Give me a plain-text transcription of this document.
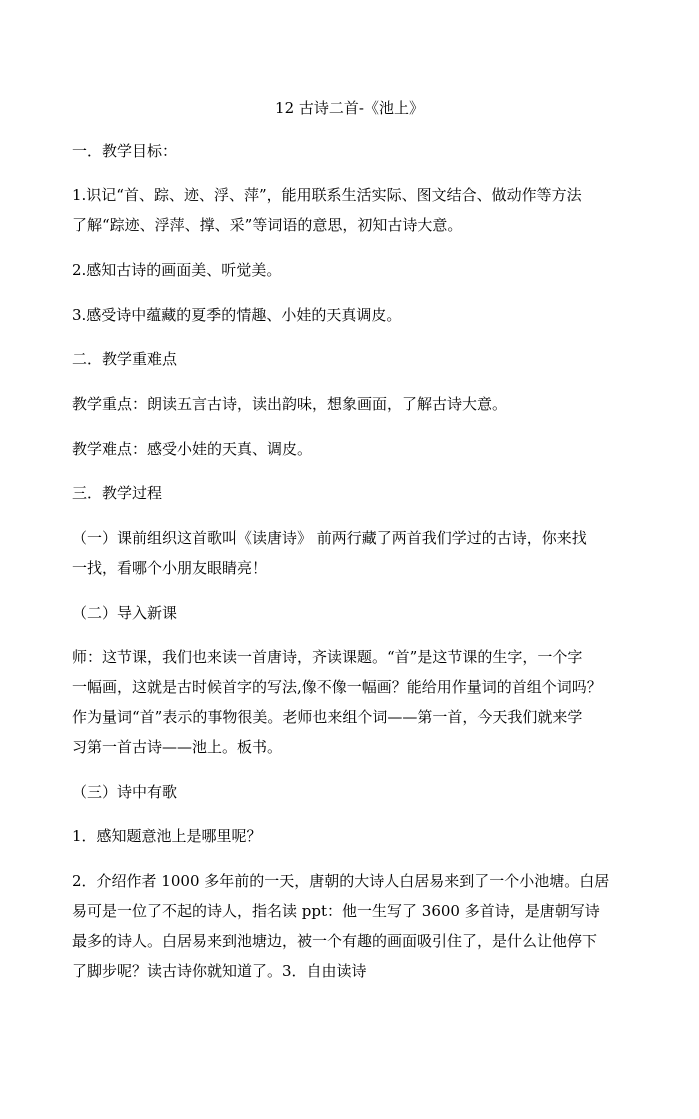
12 古诗二首-《池上》
一．教学目标：
1.识记“首、踪、迹、浮、萍”，能用联系生活实际、图文结合、做动作等方法
了解“踪迹、浮萍、撑、采”等词语的意思，初知古诗大意。
2.感知古诗的画面美、听觉美。
3.感受诗中蕴藏的夏季的情趣、小娃的天真调皮。
二．教学重难点
教学重点：朗读五言古诗，读出韵味，想象画面，了解古诗大意。
教学难点：感受小娃的天真、调皮。
三．教学过程
（一）课前组织这首歌叫《读唐诗》 前两行藏了两首我们学过的古诗，你来找
一找，看哪个小朋友眼睛亮！
（二）导入新课
师：这节课，我们也来读一首唐诗，齐读课题。“首”是这节课的生字，一个字
一幅画，这就是古时候首字的写法,像不像一幅画？能给用作量词的首组个词吗？
作为量词“首”表示的事物很美。老师也来组个词——第一首，今天我们就来学
习第一首古诗——池上。板书。
（三）诗中有歌
1．感知题意池上是哪里呢？
2．介绍作者 1000 多年前的一天，唐朝的大诗人白居易来到了一个小池塘。白居
易可是一位了不起的诗人，指名读 ppt：他一生写了 3600 多首诗，是唐朝写诗
最多的诗人。白居易来到池塘边，被一个有趣的画面吸引住了，是什么让他停下
了脚步呢？读古诗你就知道了。3．自由读诗
